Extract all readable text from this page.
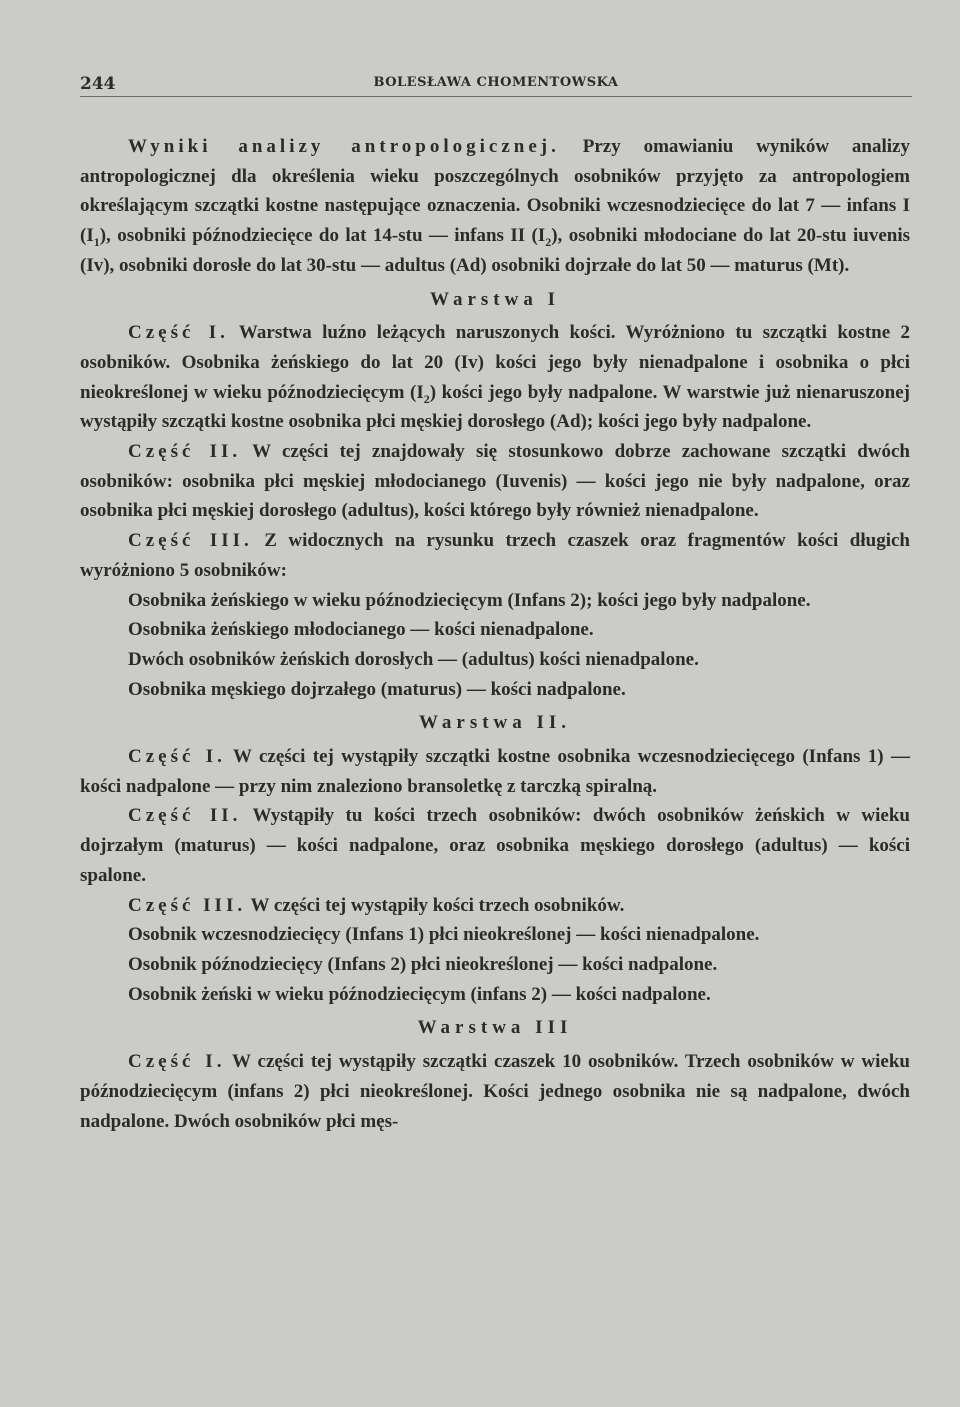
244	BOLESŁAWA CHOMENTOWSKA

Wyniki analizy antropologicznej. Przy omawianiu wyników analizy antropologicznej dla określenia wieku poszczególnych osobników przyjęto za antropologiem określającym szczątki kostne następujące oznaczenia. Osobniki wczesnodziecięce do lat 7 — infans I $(I_1)$, osobniki późnodziecięce do lat 14-stu — infans II $(I_2)$, osobniki młodociane do lat 20-stu iuvenis (Iv), osobniki dorosłe do lat 30-stu — adultus (Ad) osobniki dojrzałe do lat 50 — maturus (Mt).

Warstwa I

Część I. Warstwa luźno leżących naruszonych kości. Wyróżniono tu szczątki kostne 2 osobników. Osobnika żeńskiego do lat 20 (Iv) kości jego były nienadpalone i osobnika o płci nieokreślonej w wieku późnodziecięcym $(I_2)$ kości jego były nadpalone. W warstwie już nienaruszonej wystąpiły szczątki kostne osobnika płci męskiej dorosłego (Ad); kości jego były nadpalone.

Część II. W części tej znajdowały się stosunkowo dobrze zachowane szczątki dwóch osobników: osobnika płci męskiej młodocianego (Iuvenis) — kości jego nie były nadpalone, oraz osobnika płci męskiej dorosłego (adultus), kości którego były również nienadpalone.

Część III. Z widocznych na rysunku trzech czaszek oraz fragmentów kości długich wyróżniono 5 osobników:

Osobnika żeńskiego w wieku późnodziecięcym (Infans 2); kości jego były nadpalone.

Osobnika żeńskiego młodocianego — kości nienadpalone.

Dwóch osobników żeńskich dorosłych — (adultus) kości nienadpalone.

Osobnika męskiego dojrzałego (maturus) — kości nadpalone.

Warstwa II.

Część I. W części tej wystąpiły szczątki kostne osobnika wczesnodziecięcego (Infans 1) — kości nadpalone — przy nim znaleziono bransoletkę z tarczką spiralną.

Część II. Wystąpiły tu kości trzech osobników: dwóch osobników żeńskich w wieku dojrzałym (maturus) — kości nadpalone, oraz osobnika męskiego dorosłego (adultus) — kości spalone.

Część III. W części tej wystąpiły kości trzech osobników.

Osobnik wczesnodziecięcy (Infans 1) płci nieokreślonej — kości nienadpalone.

Osobnik późnodziecięcy (Infans 2) płci nieokreślonej — kości nadpalone.

Osobnik żeński w wieku późnodziecięcym (infans 2) — kości nadpalone.

Warstwa III

Część I. W części tej wystąpiły szczątki czaszek 10 osobników. Trzech osobników w wieku późnodziecięcym (infans 2) płci nieokreślonej. Kości jednego osobnika nie są nadpalone, dwóch nadpalone. Dwóch osobników płci męs-
